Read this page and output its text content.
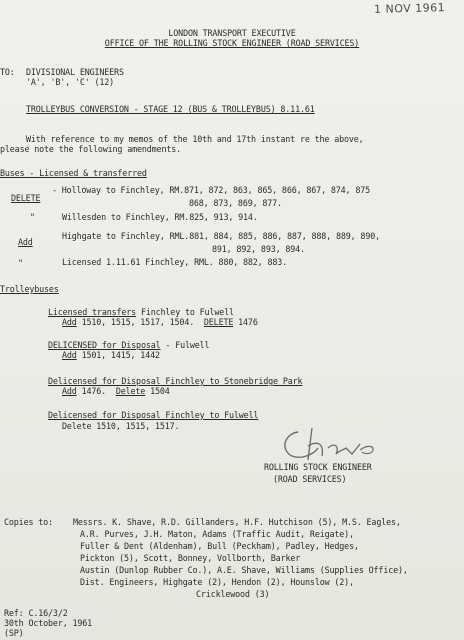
1 NOV 1961
LONDON TRANSPORT EXECUTIVE
OFFICE OF THE ROLLING STOCK ENGINEER (ROAD SERVICES)
TO: DIVISIONAL ENGINEERS
'A', 'B', 'C' (12)
TROLLEYBUS CONVERSION - STAGE 12 (BUS & TROLLEYBUS) 8.11.61
With reference to my memos of the 10th and 17th instant re the above,
please note the following amendments.
Buses - Licensed & transferred
DELETE
- Holloway to Finchley, RM.871, 872, 863, 865, 866, 867, 874, 875
868, 873, 869, 877.
"	Willesden to Finchley, RM.825, 913, 914.
Add
Highgate to Finchley, RML.881, 884, 885, 886, 887, 888, 889, 890,
891, 892, 893, 894.
"	Licensed 1.11.61 Finchley, RML. 880, 882, 883.
Trolleybuses
Licensed transfers Finchley to Fulwell
Add 1510, 1515, 1517, 1504.  DELETE 1476
DELICENSED for Disposal - Fulwell
Add 1501, 1415, 1442
Delicensed for Disposal Finchley to Stonebridge Park
Add 1476.  Delete 1504
Delicensed for Disposal Finchley to Fulwell
Delete 1510, 1515, 1517.
ROLLING STOCK ENGINEER
(ROAD SERVICES)
Copies to: Messrs. K. Shave, R.D. Gillanders, H.F. Hutchison (5), M.S. Eagles,
A.R. Purves, J.H. Maton, Adams (Traffic Audit, Reigate),
Fuller & Dent (Aldenham), Bull (Peckham), Padley, Hedges,
Pickton (5), Scott, Bonney, Vollborth, Barker
Austin (Dunlop Rubber Co.), A.E. Shave, Williams (Supplies Office),
Dist. Engineers, Highgate (2), Hendon (2), Hounslow (2),
Cricklewood (3)
Ref: C.16/3/2
30th October, 1961
(SP)
